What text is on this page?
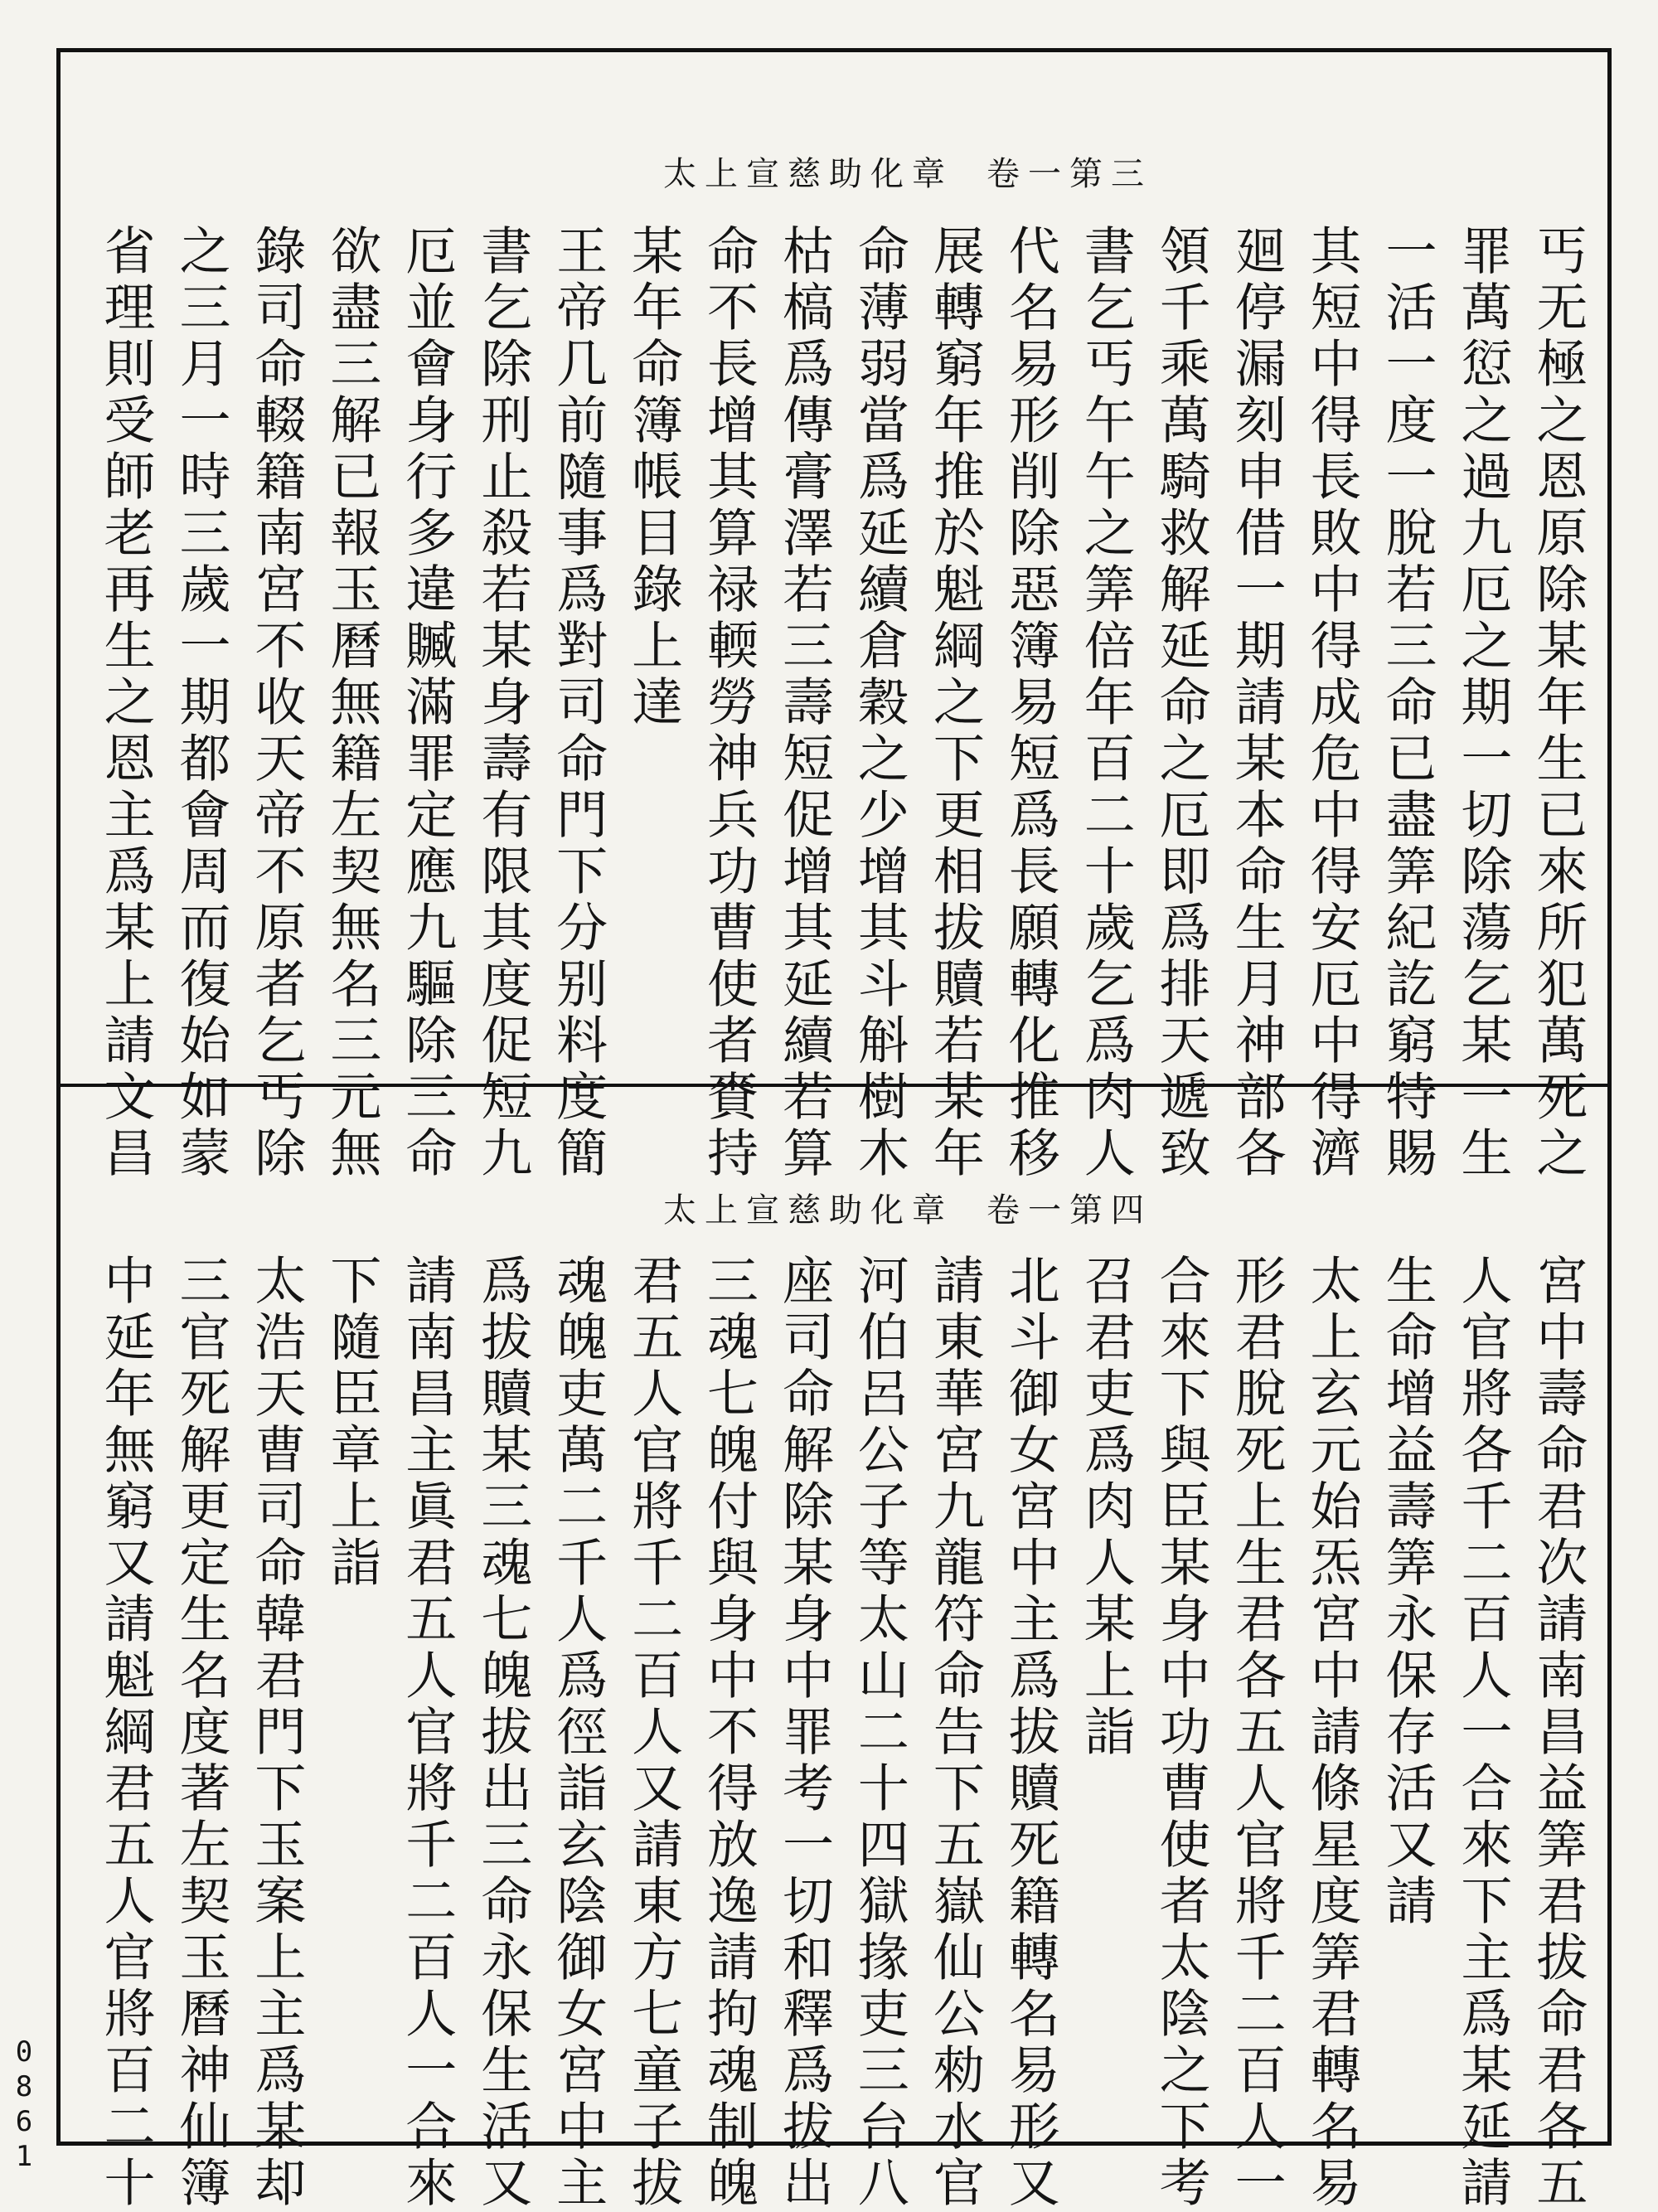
太上宣慈助化章 卷一第三
丐无極之恩原除某年生已來所犯萬死之
罪萬愆之過九厄之期一切除蕩乞某一生
一活一度一脫若三命已盡筭紀訖窮特賜
其短中得長敗中得成危中得安厄中得濟
廻停漏刻申借一期請某本命生月神部各
領千乘萬騎救解延命之厄即爲排天遞致
書乞丐午午之筭倍年百二十歲乞爲肉人
代名易形削除惡簿易短爲長願轉化推移
展轉窮年推於魁綱之下更相拔贖若某年
命薄弱當爲延續倉穀之少增其斗斛樹木
枯槁爲傳膏澤若三壽短促增其延續若算
命不長增其算禄輭勞神兵功曹使者賚持
某年命簿帳目錄上達
王帝几前隨事爲對司命門下分别料度簡
書乞除刑止殺若某身壽有限其度促短九
厄並會身行多違贓滿罪定應九驅除三命
欲盡三解已報玉曆無籍左契無名三元無
錄司命輟籍南宮不收天帝不原者乞丐除
之三月一時三歲一期都會周而復始如蒙
省理則受師老再生之恩主爲某上請文昌
太上宣慈助化章 卷一第四
宮中壽命君次請南昌益筭君拔命君各五
人官將各千二百人一合來下主爲某延請
生命增益壽筭永保存活又請
太上玄元始炁宮中請條星度筭君轉名易
形君脫死上生君各五人官將千二百人一
合來下與臣某身中功曹使者太陰之下考
召君吏爲肉人某上詣
北斗御女宮中主爲拔贖死籍轉名易形又
請東華宮九龍符命告下五嶽仙公勑水官
河伯呂公子等太山二十四獄掾吏三台八
座司命解除某身中罪考一切和釋爲拔出
三魂七魄付與身中不得放逸請拘魂制魄
君五人官將千二百人又請東方七童子拔
魂魄吏萬二千人爲徑詣玄陰御女宮中主
爲拔贖某三魂七魄拔出三命永保生活又
請南昌主眞君五人官將千二百人一合來
下隨臣章上詣
太浩天曹司命韓君門下玉案上主爲某却
三官死解更定生名度著左契玉曆神仙簿
中延年無窮又請魁綱君五人官將百二十
0861
